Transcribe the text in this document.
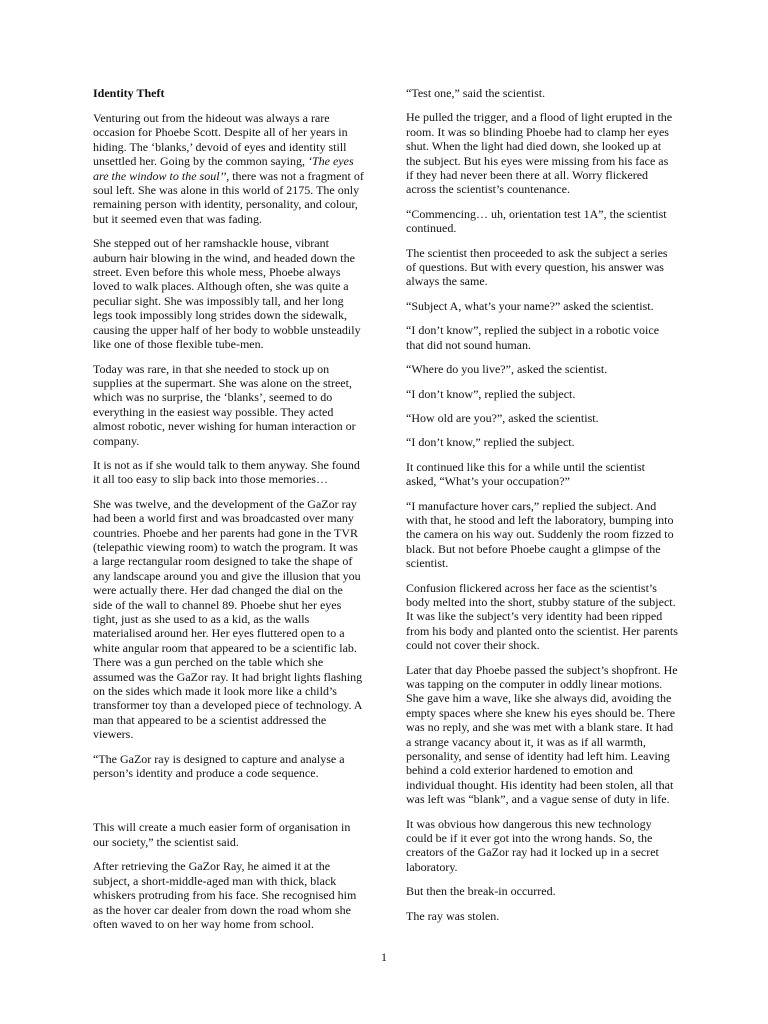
Identity Theft

Venturing out from the hideout was always a rare occasion for Phoebe Scott. Despite all of her years in hiding. The ‘blanks,’ devoid of eyes and identity still unsettled her. Going by the common saying, ‘The eyes are the window to the soul’’, there was not a fragment of soul left. She was alone in this world of 2175. The only remaining person with identity, personality, and colour, but it seemed even that was fading.

She stepped out of her ramshackle house, vibrant auburn hair blowing in the wind, and headed down the street. Even before this whole mess, Phoebe always loved to walk places. Although often, she was quite a peculiar sight. She was impossibly tall, and her long legs took impossibly long strides down the sidewalk, causing the upper half of her body to wobble unsteadily like one of those flexible tube-men.

Today was rare, in that she needed to stock up on supplies at the supermart. She was alone on the street, which was no surprise, the ‘blanks’, seemed to do everything in the easiest way possible. They acted almost robotic, never wishing for human interaction or company.

It is not as if she would talk to them anyway. She found it all too easy to slip back into those memories…

She was twelve, and the development of the GaZor ray had been a world first and was broadcasted over many countries. Phoebe and her parents had gone in the TVR (telepathic viewing room) to watch the program. It was a large rectangular room designed to take the shape of any landscape around you and give the illusion that you were actually there. Her dad changed the dial on the side of the wall to channel 89. Phoebe shut her eyes tight, just as she used to as a kid, as the walls materialised around her. Her eyes fluttered open to a white angular room that appeared to be a scientific lab. There was a gun perched on the table which she assumed was the GaZor ray. It had bright lights flashing on the sides which made it look more like a child’s transformer toy than a developed piece of technology. A man that appeared to be a scientist addressed the viewers.

“The GaZor ray is designed to capture and analyse a person’s identity and produce a code sequence.

This will create a much easier form of organisation in our society,” the scientist said.

After retrieving the GaZor Ray, he aimed it at the subject, a short-middle-aged man with thick, black whiskers protruding from his face. She recognised him as the hover car dealer from down the road whom she often waved to on her way home from school.

“Test one,” said the scientist.

He pulled the trigger, and a flood of light erupted in the room. It was so blinding Phoebe had to clamp her eyes shut. When the light had died down, she looked up at the subject. But his eyes were missing from his face as if they had never been there at all. Worry flickered across the scientist’s countenance.

“Commencing… uh, orientation test 1A”, the scientist continued.

The scientist then proceeded to ask the subject a series of questions. But with every question, his answer was always the same.

“Subject A, what’s your name?” asked the scientist.

“I don’t know”, replied the subject in a robotic voice that did not sound human.

“Where do you live?”, asked the scientist.

“I don’t know”, replied the subject.

“How old are you?”, asked the scientist.

“I don’t know,” replied the subject.

It continued like this for a while until the scientist asked, “What’s your occupation?”

“I manufacture hover cars,” replied the subject. And with that, he stood and left the laboratory, bumping into the camera on his way out. Suddenly the room fizzed to black. But not before Phoebe caught a glimpse of the scientist.

Confusion flickered across her face as the scientist’s body melted into the short, stubby stature of the subject. It was like the subject’s very identity had been ripped from his body and planted onto the scientist. Her parents could not cover their shock.

Later that day Phoebe passed the subject’s shopfront. He was tapping on the computer in oddly linear motions. She gave him a wave, like she always did, avoiding the empty spaces where she knew his eyes should be. There was no reply, and she was met with a blank stare. It had a strange vacancy about it, it was as if all warmth, personality, and sense of identity had left him. Leaving behind a cold exterior hardened to emotion and individual thought. His identity had been stolen, all that was left was “blank”, and a vague sense of duty in life.

It was obvious how dangerous this new technology could be if it ever got into the wrong hands. So, the creators of the GaZor ray had it locked up in a secret laboratory.

But then the break-in occurred.

The ray was stolen.

1
